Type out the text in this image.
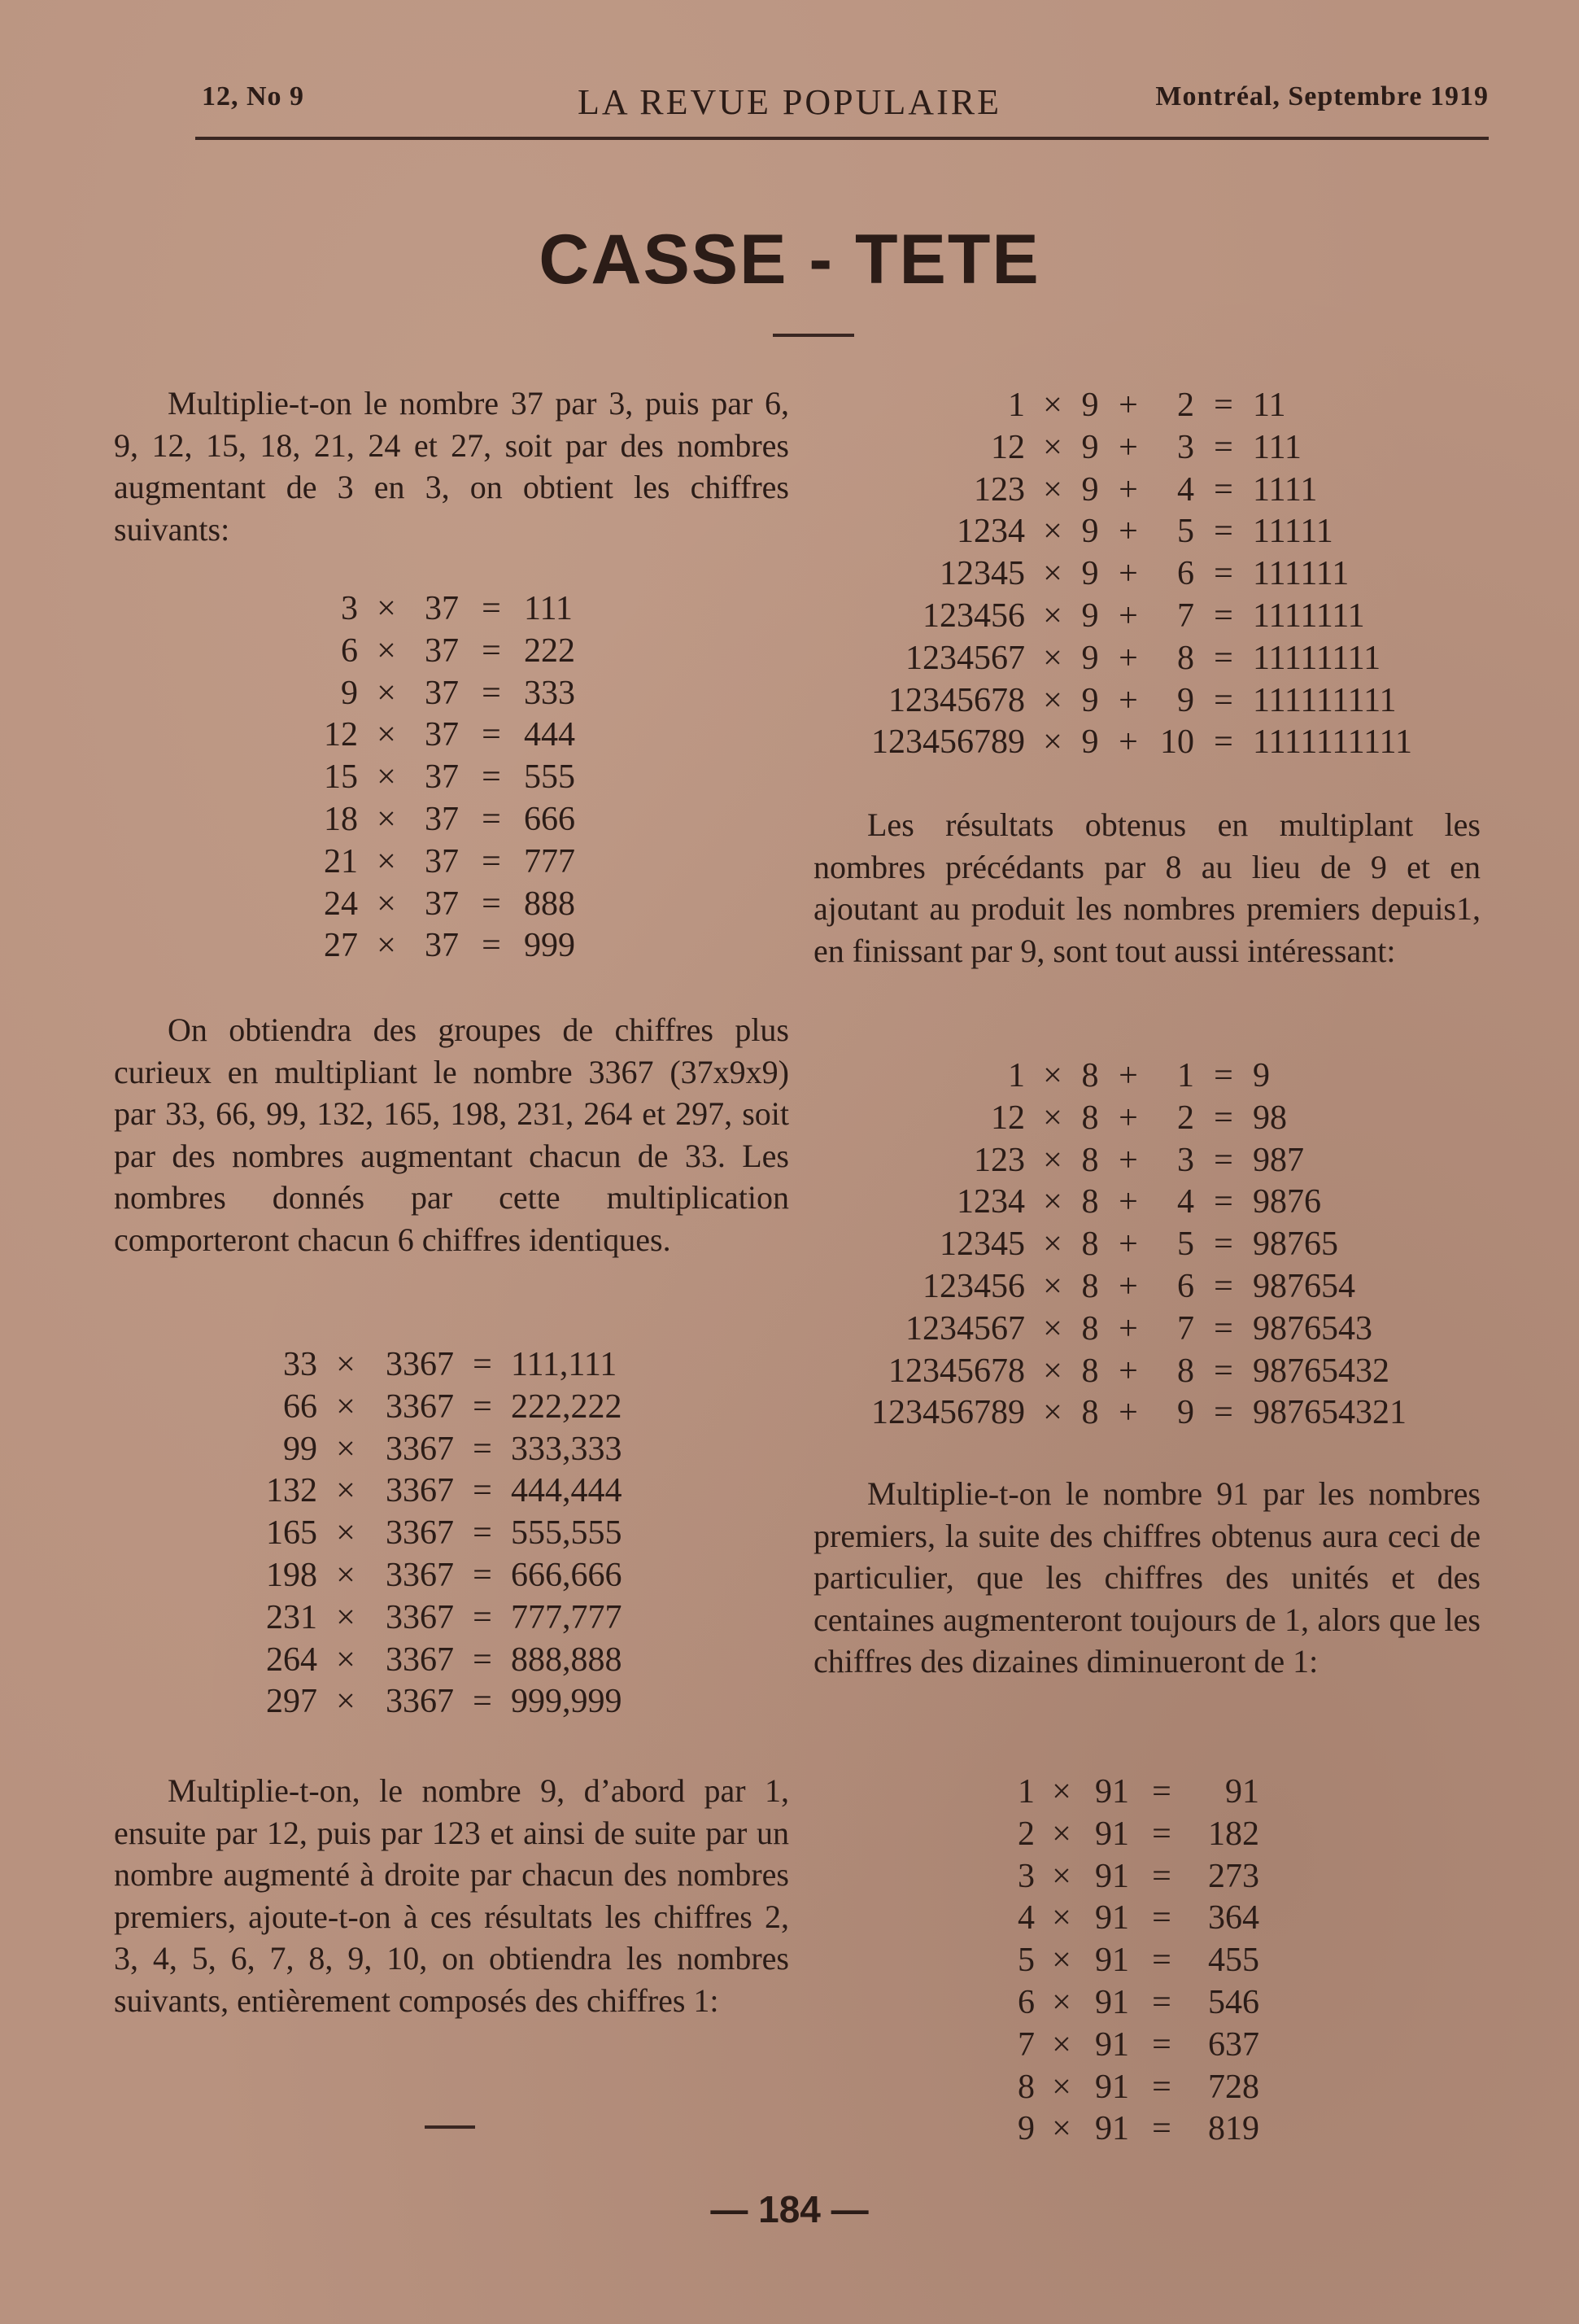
12, No 9	LA REVUE POPULAIRE	Montréal, Septembre 1919
CASSE - TETE
Multiplie-t-on le nombre 37 par 3, puis par 6, 9, 12, 15, 18, 21, 24 et 27, soit par des nombres augmentant de 3 en 3, on obtient les chiffres suivants:
3 × 37 = 111
6 × 37 = 222
9 × 37 = 333
12 × 37 = 444
15 × 37 = 555
18 × 37 = 666
21 × 37 = 777
24 × 37 = 888
27 × 37 = 999
On obtiendra des groupes de chiffres plus curieux en multipliant le nombre 3367 (37x9x9) par 33, 66, 99, 132, 165, 198, 231, 264 et 297, soit par des nombres augmentant chacun de 33. Les nombres donnés par cette multiplication comporteront chacun 6 chiffres identiques.
33 × 3367 = 111,111
66 × 3367 = 222,222
99 × 3367 = 333,333
132 × 3367 = 444,444
165 × 3367 = 555,555
198 × 3367 = 666,666
231 × 3367 = 777,777
264 × 3367 = 888,888
297 × 3367 = 999,999
Multiplie-t-on, le nombre 9, d’abord par 1, ensuite par 12, puis par 123 et ainsi de suite par un nombre augmenté à droite par chacun des nombres premiers, ajoute-t-on à ces résultats les chiffres 2, 3, 4, 5, 6, 7, 8, 9, 10, on obtiendra les nombres suivants, entièrement composés des chiffres 1:
1 × 9 +	2 = 11
12 × 9 +	3 = 111
123 × 9 +	4 = 1111
1234 × 9 +	5 = 11111
12345 × 9 +	6 = 111111
123456 × 9 +	7 = 1111111
1234567 × 9 +	8 = 11111111
12345678 × 9 +	9 = 111111111
123456789 × 9 + 10 = 1111111111
Les résultats obtenus en multiplant les nombres précédants par 8 au lieu de 9 et en ajoutant au produit les nombres premiers depuis1, en finissant par 9, sont tout aussi intéressant:
1 × 8 +	1 = 9
12 × 8 +	2 = 98
123 × 8 +	3 = 987
1234 × 8 +	4 = 9876
12345 × 8 +	5 = 98765
123456 × 8 +	6 = 987654
1234567 × 8 +	7 = 9876543
12345678 × 8 +	8 = 98765432
123456789 × 8 +	9 = 987654321
Multiplie-t-on le nombre 91 par les nombres premiers, la suite des chiffres obtenus aura ceci de particulier, que les chiffres des unités et des centaines augmenteront toujours de 1, alors que les chiffres des dizaines diminueront de 1:
1 × 91 =	91
2 × 91 =	182
3 × 91 =	273
4 × 91 =	364
5 × 91 =	455
6 × 91 =	546
7 × 91 =	637
8 × 91 =	728
9 × 91 =	819
— 184 —
